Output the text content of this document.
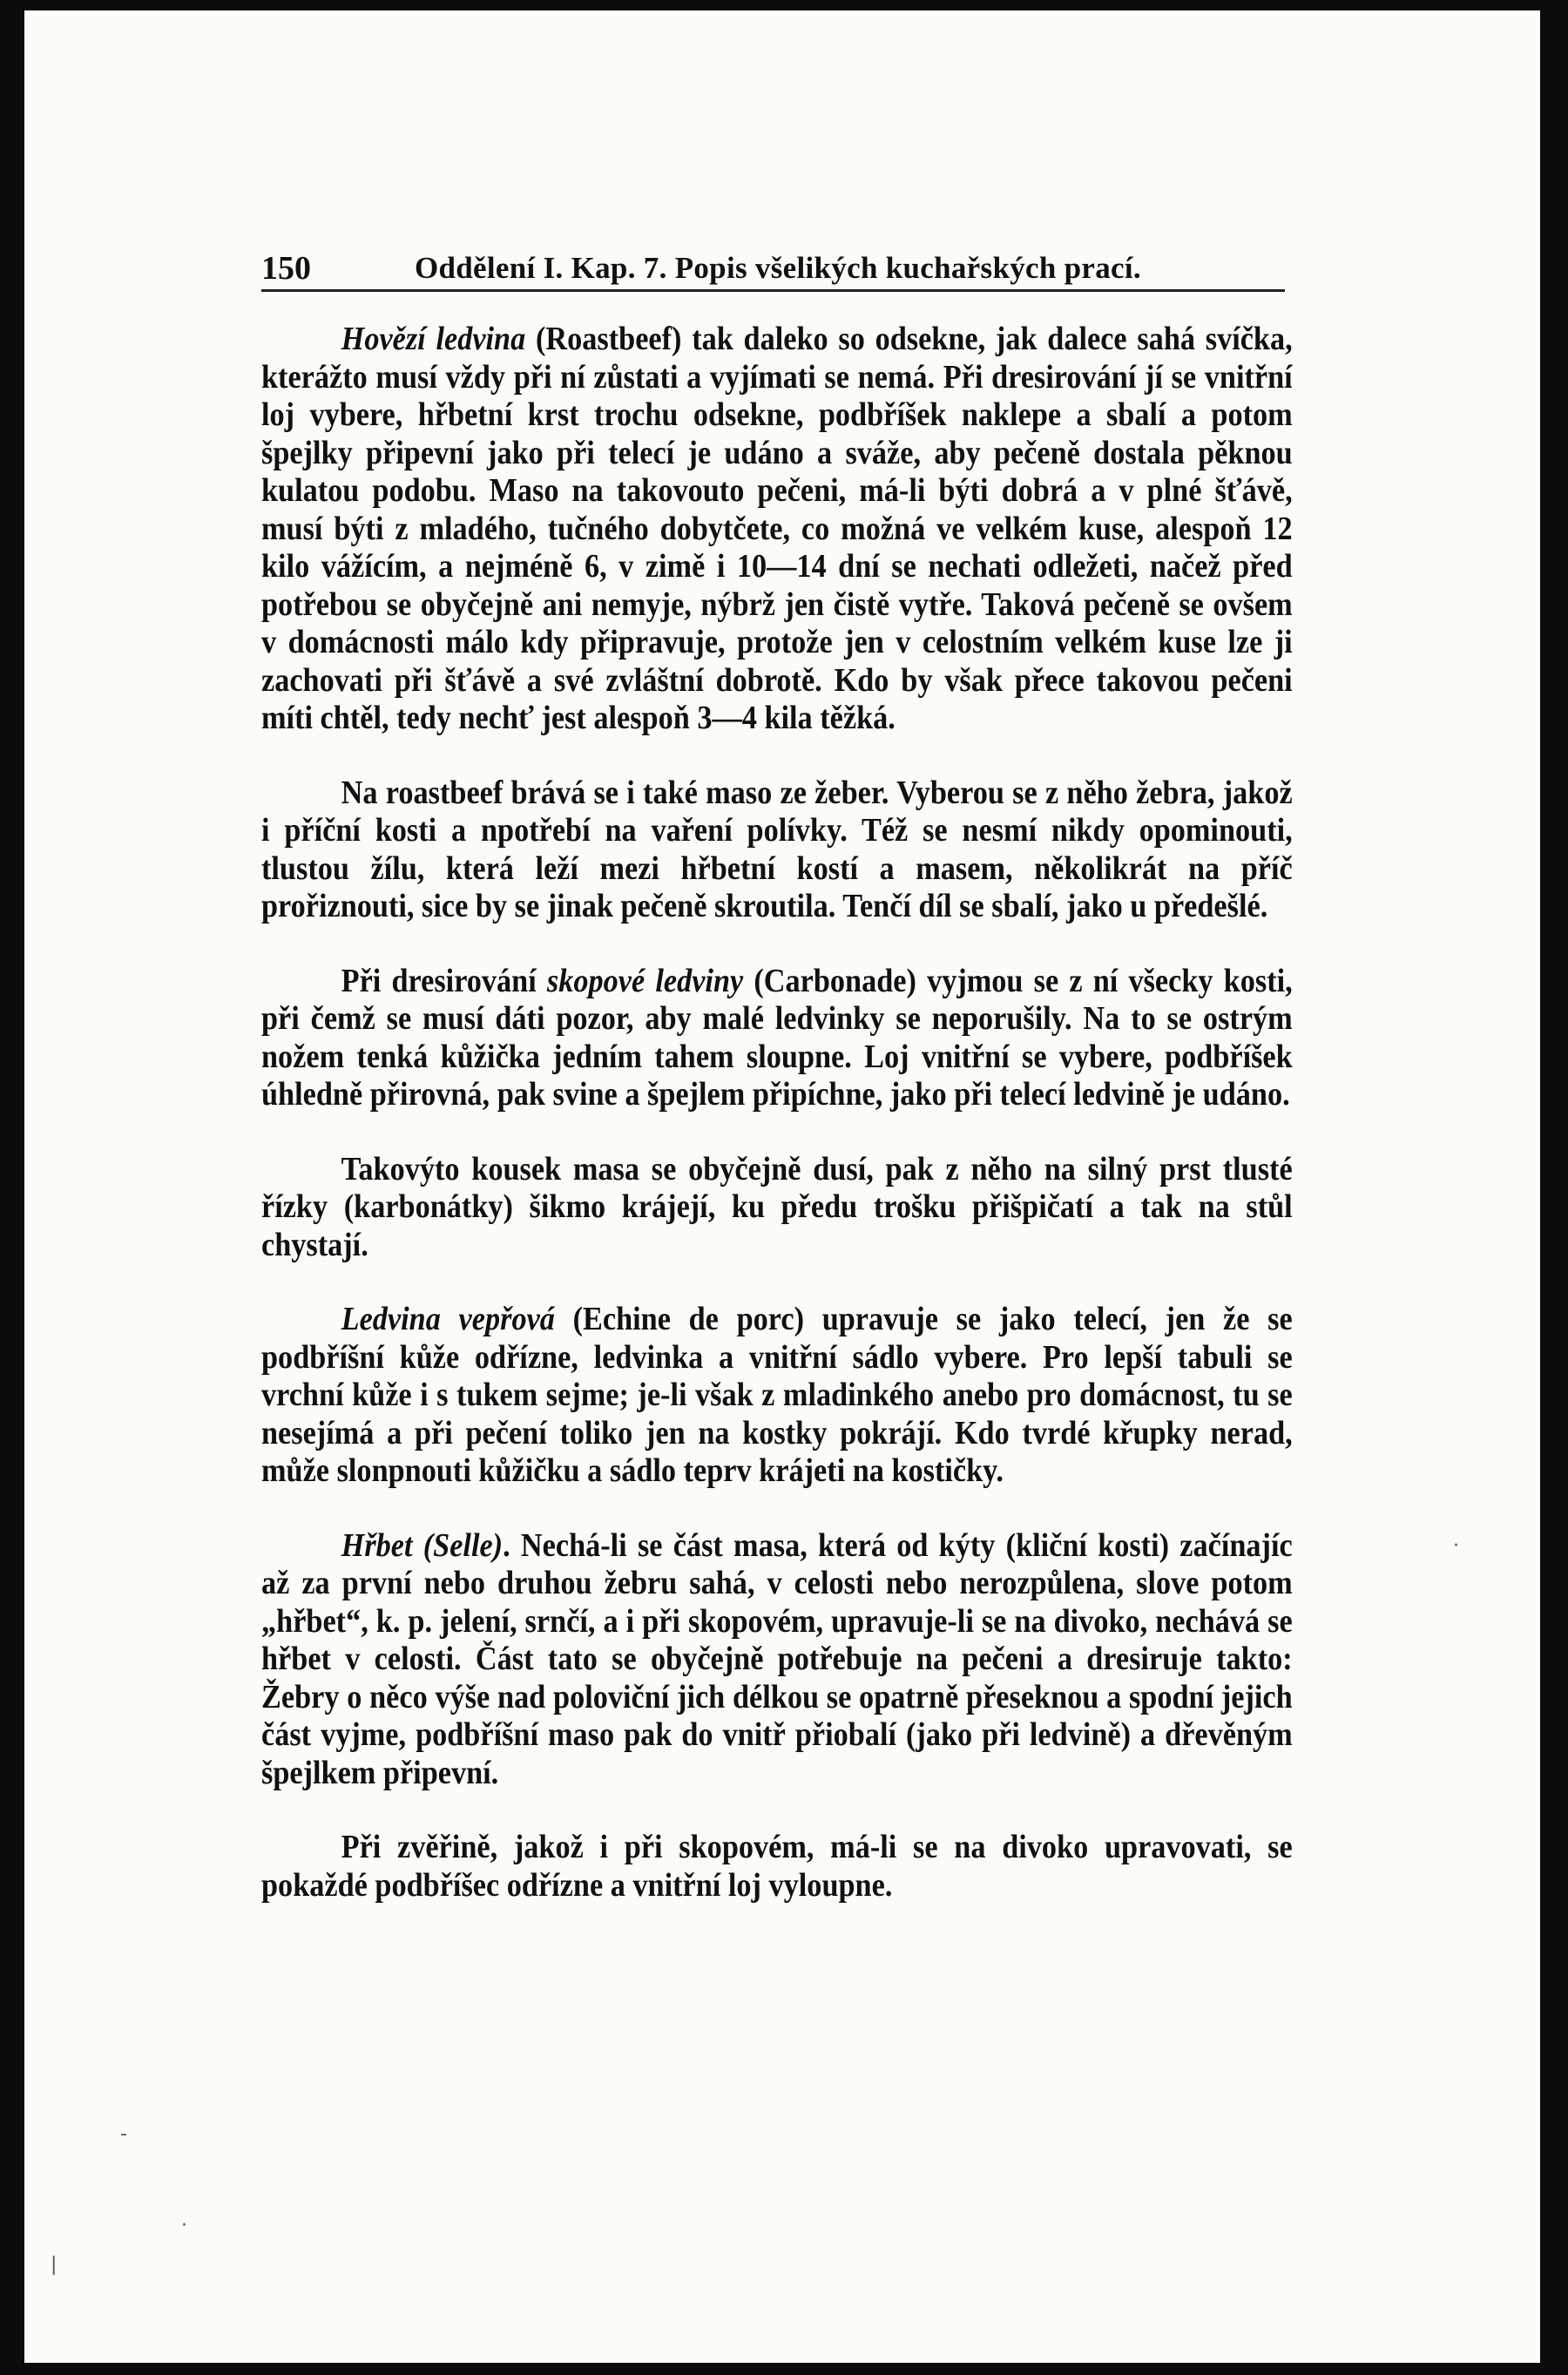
150	Oddělení I. Kap. 7. Popis všelikých kuchařských prací.

Hovězí ledvina (Roastbeef) tak daleko so odsekne, jak dalece sahá svíčka, kterážto musí vždy při ní zůstati a vyjímati se nemá. Při dresirování jí se vnitřní loj vybere, hřbetní krst trochu odsekne, podbříšek naklepe a sbalí a potom špejlky připevní jako při telecí je udáno a sváže, aby pečeně dostala pěknou kulatou podobu. Maso na takovouto pečeni, má-li býti dobrá a v plné šťávě, musí býti z mladého, tučného dobytčete, co možná ve velkém kuse, alespoň 12 kilo vážícím, a nejméně 6, v zimě i 10—14 dní se nechati odležeti, načež před potřebou se obyčejně ani nemyje, nýbrž jen čistě vytře. Taková pečeně se ovšem v domácnosti málo kdy připravuje, protože jen v celostním velkém kuse lze ji zachovati při šťávě a své zvláštní dobrotě. Kdo by však přece takovou pečeni míti chtěl, tedy nechť jest alespoň 3—4 kila těžká.

Na roastbeef brává se i také maso ze žeber. Vyberou se z něho žebra, jakož i příční kosti a npotřebí na vaření polívky. Též se nesmí nikdy opominouti, tlustou žílu, která leží mezi hřbetní kostí a masem, několikrát na příč prořiznouti, sice by se jinak pečeně skroutila. Tenčí díl se sbalí, jako u předešlé.

Při dresirování skopové ledviny (Carbonade) vyjmou se z ní všecky kosti, při čemž se musí dáti pozor, aby malé ledvinky se neporušily. Na to se ostrým nožem tenká kůžička jedním tahem sloupne. Loj vnitřní se vybere, podbříšek úhledně přirovná, pak svine a špejlem připíchne, jako při telecí ledvině je udáno.

Takovýto kousek masa se obyčejně dusí, pak z něho na silný prst tlusté řízky (karbonátky) šikmo krájejí, ku předu trošku přišpičatí a tak na stůl chystají.

Ledvina vepřová (Echine de porc) upravuje se jako telecí, jen že se podbříšní kůže odřízne, ledvinka a vnitřní sádlo vybere. Pro lepší tabuli se vrchní kůže i s tukem sejme; je-li však z mladinkého anebo pro domácnost, tu se nesejímá a při pečení toliko jen na kostky pokrájí. Kdo tvrdé křupky nerad, může slonpnouti kůžičku a sádlo teprv krájeti na kostičky.

Hřbet (Selle). Nechá-li se část masa, která od kýty (kliční kosti) začínajíc až za první nebo druhou žebru sahá, v celosti nebo nerozpůlena, slove potom „hřbet“, k. p. jelení, srnčí, a i při skopovém, upravuje-li se na divoko, nechává se hřbet v celosti. Část tato se obyčejně potřebuje na pečeni a dresiruje takto: Žebry o něco výše nad poloviční jich délkou se opatrně přeseknou a spodní jejich část vyjme, podbříšní maso pak do vnitř přiobalí (jako při ledvině) a dřevěným špejlkem připevní.

Při zvěřině, jakož i při skopovém, má-li se na divoko upravovati, se pokaždé podbříšec odřízne a vnitřní loj vyloupne.

·
-
·
|
